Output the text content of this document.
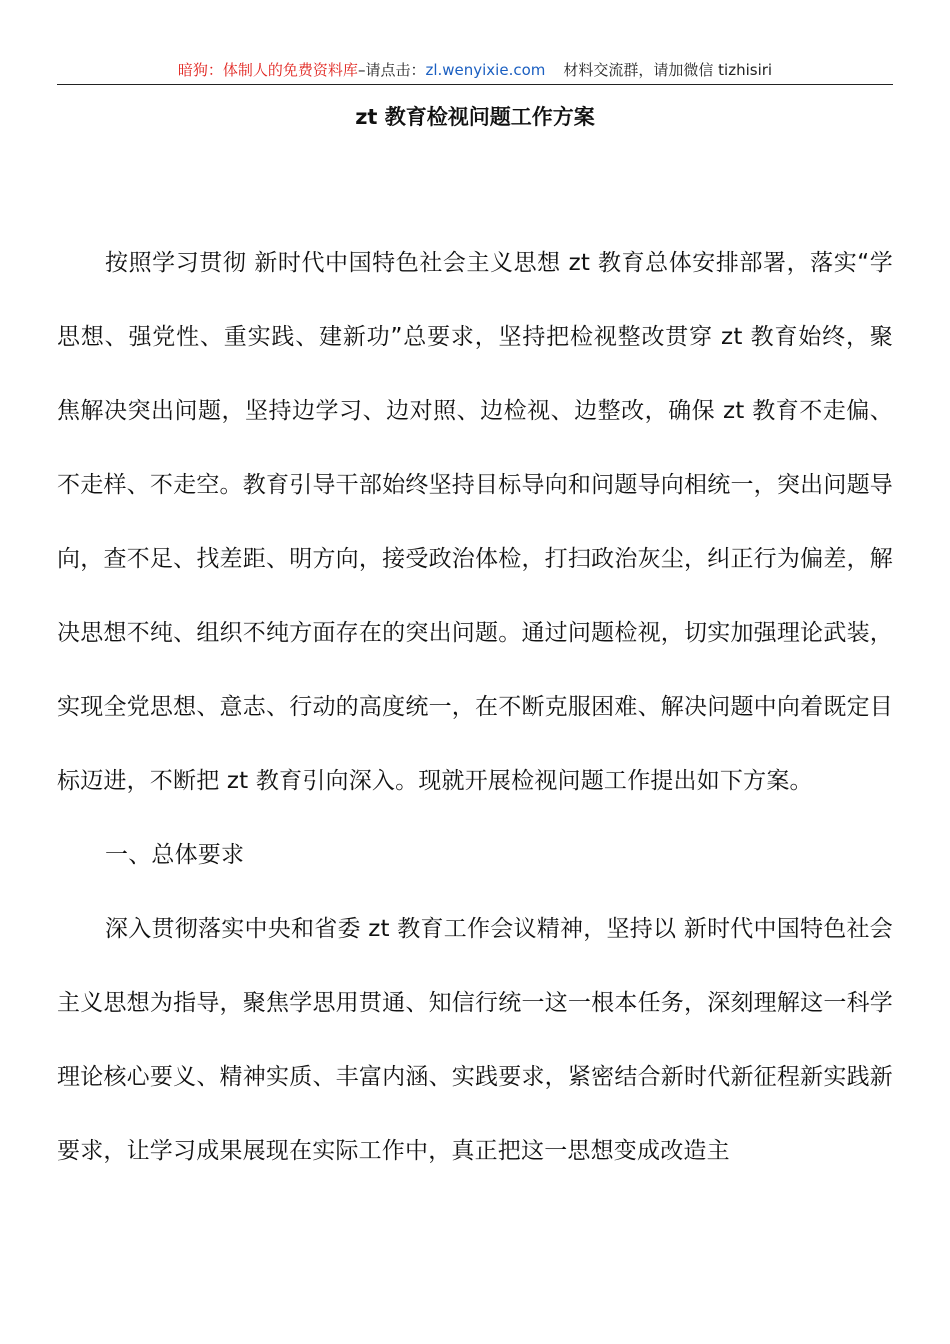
暗狗：体制人的免费资料库–请点击：zl.wenyixie.com 材料交流群，请加微信 tizhisiri
zt 教育检视问题工作方案

按照学习贯彻 新时代中国特色社会主义思想 zt 教育总体安排部署，落实“学思想、强党性、重实践、建新功”总要求，坚持把检视整改贯穿 zt 教育始终，聚焦解决突出问题，坚持边学习、边对照、边检视、边整改，确保 zt 教育不走偏、不走样、不走空。教育引导干部始终坚持目标导向和问题导向相统一，突出问题导向，查不足、找差距、明方向，接受政治体检，打扫政治灰尘，纠正行为偏差，解决思想不纯、组织不纯方面存在的突出问题。通过问题检视，切实加强理论武装，实现全党思想、意志、行动的高度统一，在不断克服困难、解决问题中向着既定目标迈进，不断把 zt 教育引向深入。现就开展检视问题工作提出如下方案。

一、总体要求

深入贯彻落实中央和省委 zt 教育工作会议精神，坚持以 新时代中国特色社会主义思想为指导，聚焦学思用贯通、知信行统一这一根本任务，深刻理解这一科学理论核心要义、精神实质、丰富内涵、实践要求，紧密结合新时代新征程新实践新要求，让学习成果展现在实际工作中，真正把这一思想变成改造主
